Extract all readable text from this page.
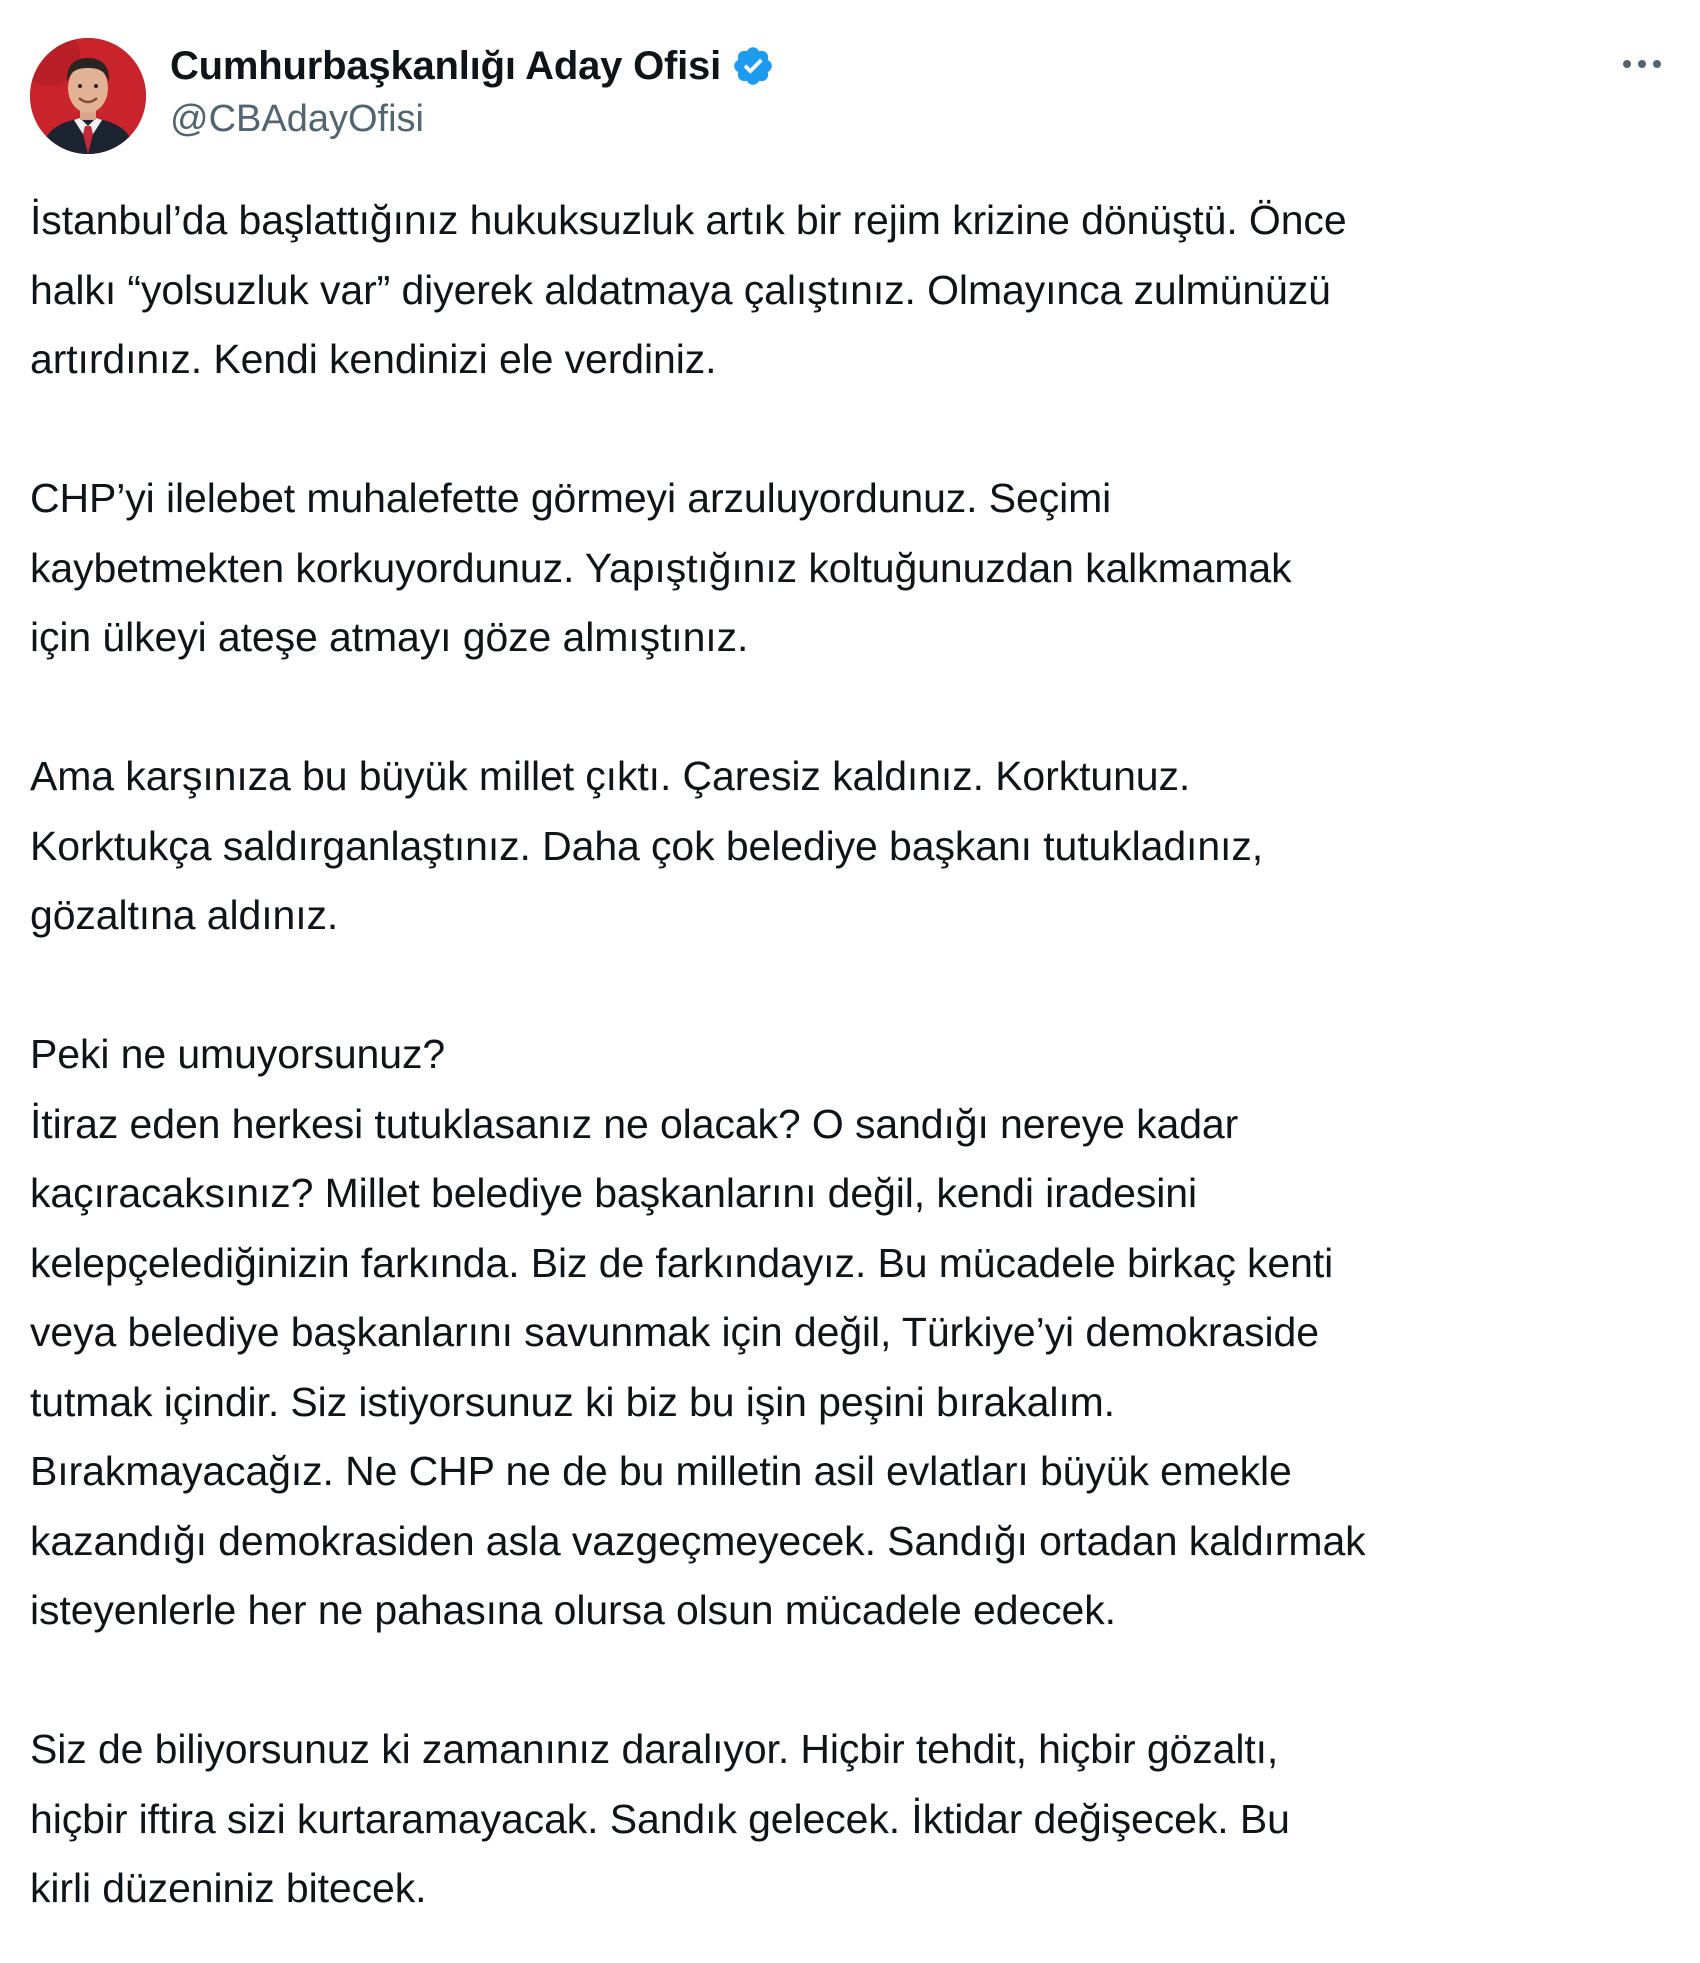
Cumhurbaşkanlığı Aday Ofisi
@CBAdayOfisi

İstanbul’da başlattığınız hukuksuzluk artık bir rejim krizine dönüştü. Önce
halkı “yolsuzluk var” diyerek aldatmaya çalıştınız. Olmayınca zulmünüzü
artırdınız. Kendi kendinizi ele verdiniz.

CHP’yi ilelebet muhalefette görmeyi arzuluyordunuz. Seçimi
kaybetmekten korkuyordunuz. Yapıştığınız koltuğunuzdan kalkmamak
için ülkeyi ateşe atmayı göze almıştınız.

Ama karşınıza bu büyük millet çıktı. Çaresiz kaldınız. Korktunuz.
Korktukça saldırganlaştınız. Daha çok belediye başkanı tutukladınız,
gözaltına aldınız.

Peki ne umuyorsunuz?
İtiraz eden herkesi tutuklasanız ne olacak? O sandığı nereye kadar
kaçıracaksınız? Millet belediye başkanlarını değil, kendi iradesini
kelepçelediğinizin farkında. Biz de farkındayız. Bu mücadele birkaç kenti
veya belediye başkanlarını savunmak için değil, Türkiye’yi demokraside
tutmak içindir. Siz istiyorsunuz ki biz bu işin peşini bırakalım.
Bırakmayacağız. Ne CHP ne de bu milletin asil evlatları büyük emekle
kazandığı demokrasiden asla vazgeçmeyecek. Sandığı ortadan kaldırmak
isteyenlerle her ne pahasına olursa olsun mücadele edecek.

Siz de biliyorsunuz ki zamanınız daralıyor. Hiçbir tehdit, hiçbir gözaltı,
hiçbir iftira sizi kurtaramayacak. Sandık gelecek. İktidar değişecek. Bu
kirli düzeniniz bitecek.
